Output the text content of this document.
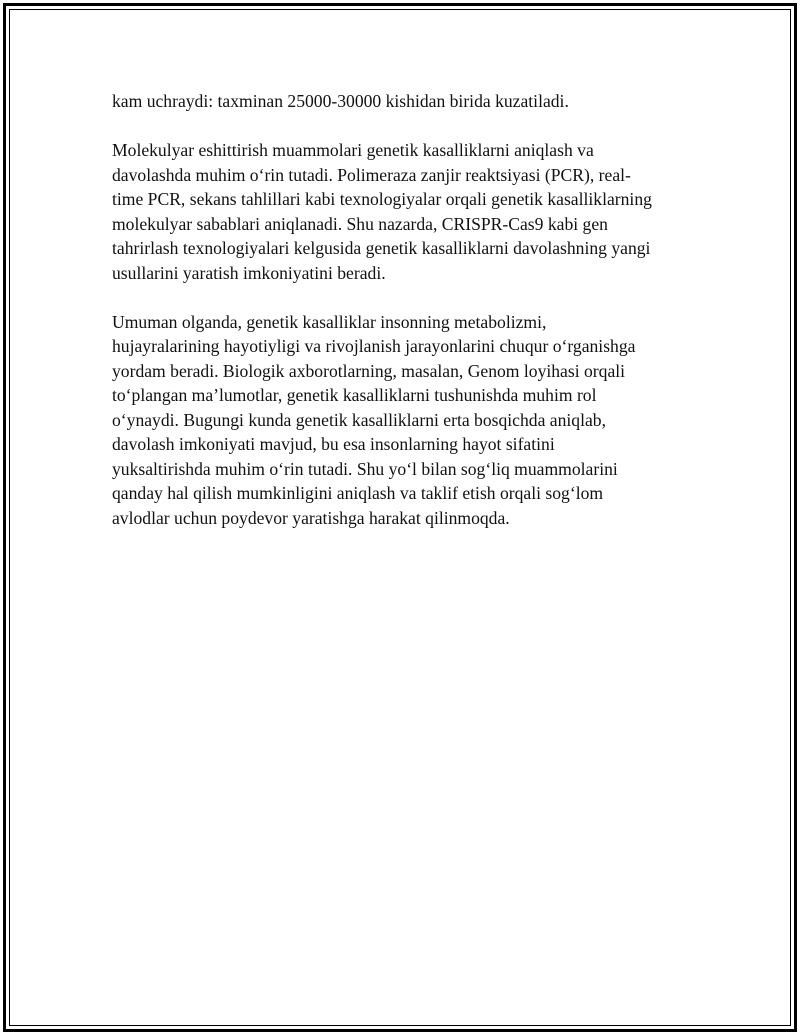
kam uchraydi: taxminan 25000-30000 kishidan birida kuzatiladi.

Molekulyar eshittirish muammolari genetik kasalliklarni aniqlash va
davolashda muhim oʻrin tutadi. Polimeraza zanjir reaktsiyasi (PCR), real-
time PCR, sekans tahlillari kabi texnologiyalar orqali genetik kasalliklarning
molekulyar sabablari aniqlanadi. Shu nazarda, CRISPR-Cas9 kabi gen
tahrirlash texnologiyalari kelgusida genetik kasalliklarni davolashning yangi
usullarini yaratish imkoniyatini beradi.

Umuman olganda, genetik kasalliklar insonning metabolizmi,
hujayralarining hayotiyligi va rivojlanish jarayonlarini chuqur oʻrganishga
yordam beradi. Biologik axborotlarning, masalan, Genom loyihasi orqali
toʻplangan maʼlumotlar, genetik kasalliklarni tushunishda muhim rol
oʻynaydi. Bugungi kunda genetik kasalliklarni erta bosqichda aniqlab,
davolash imkoniyati mavjud, bu esa insonlarning hayot sifatini
yuksaltirishda muhim oʻrin tutadi. Shu yoʻl bilan sogʻliq muammolarini
qanday hal qilish mumkinligini aniqlash va taklif etish orqali sogʻlom
avlodlar uchun poydevor yaratishga harakat qilinmoqda.
